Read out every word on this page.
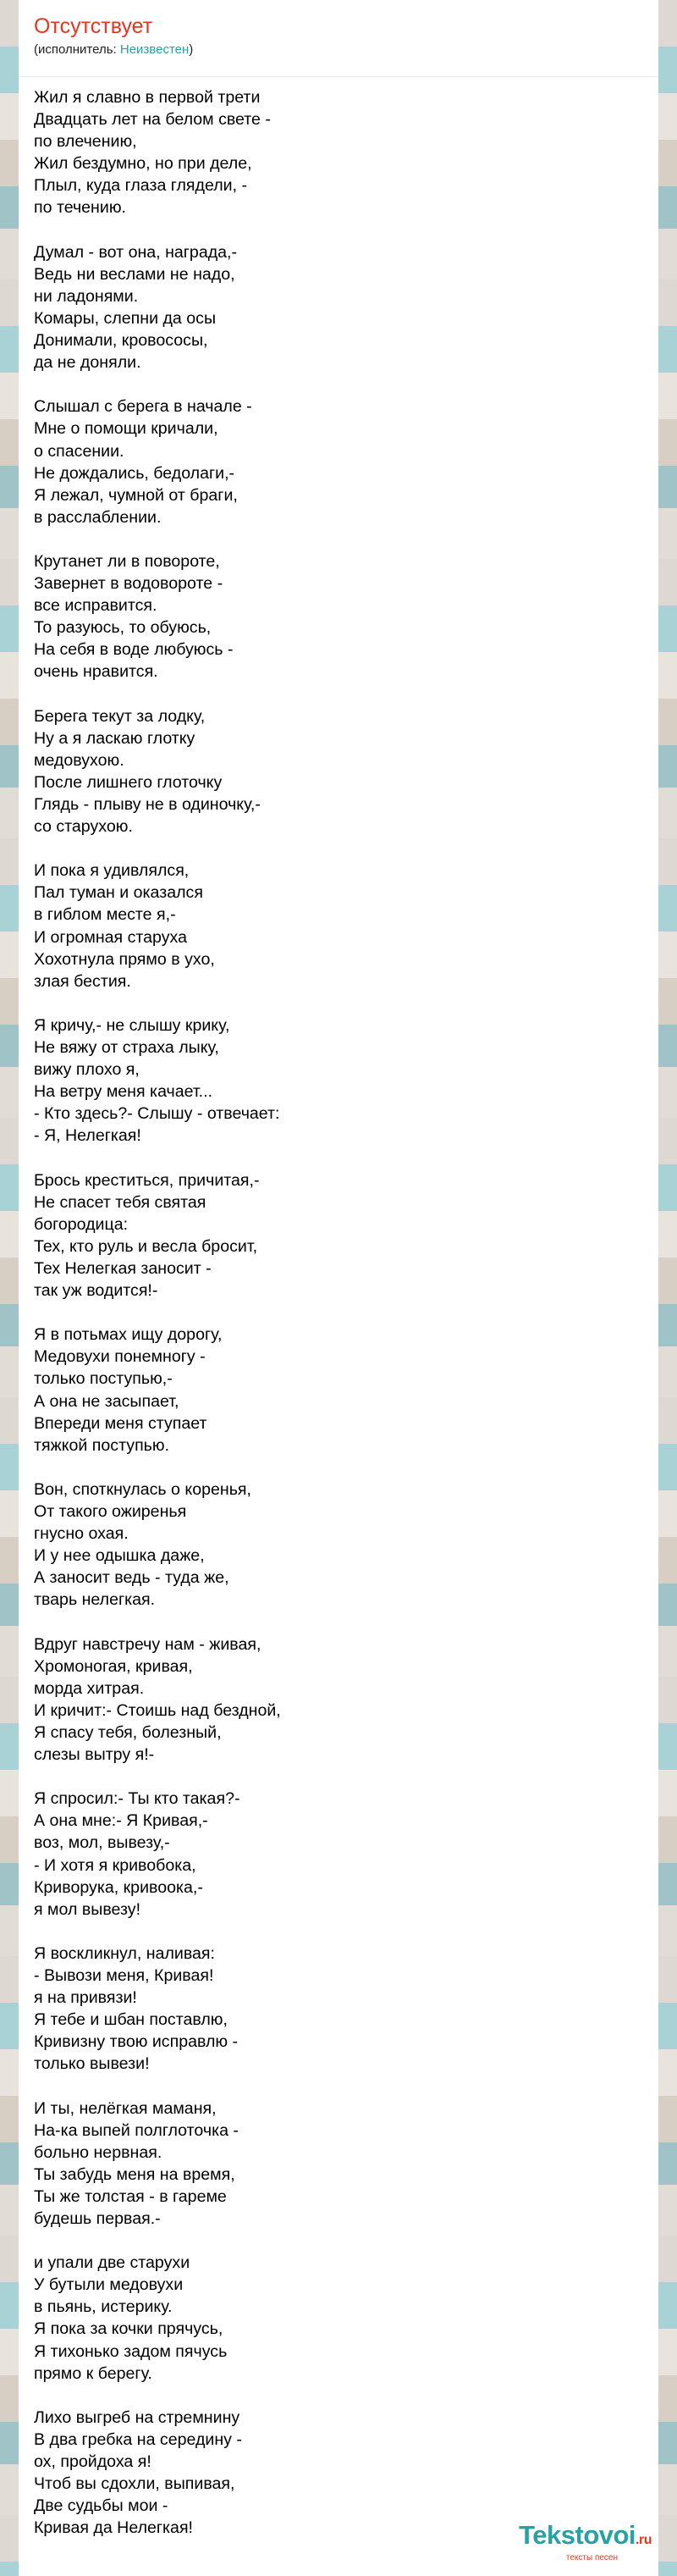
Отсутствует
(исполнитель: Неизвестен)
Жил я славно в первой трети
Двадцать лет на белом свете -
по влечению,
Жил бездумно, но при деле,
Плыл, куда глаза глядели, -
по течению.

Думал - вот она, награда,-
Ведь ни веслами не надо,
ни ладонями.
Комары, слепни да осы
Донимали, кровососы,
да не доняли.

Слышал с берега в начале -
Мне о помощи кричали,
о спасении.
Не дождались, бедолаги,-
Я лежал, чумной от браги,
в расслаблении.

Крутанет ли в повороте,
Завернет в водовороте -
все исправится.
То разуюсь, то обуюсь,
На себя в воде любуюсь -
очень нравится.

Берега текут за лодку,
Ну а я ласкаю глотку
медовухою.
После лишнего глоточку
Глядь - плыву не в одиночку,-
со старухою.

И пока я удивлялся,
Пал туман и оказался
в гиблом месте я,-
И огромная старуха
Хохотнула прямо в ухо,
злая бестия.

Я кричу,- не слышу крику,
Не вяжу от страха лыку,
вижу плохо я,
На ветру меня качает...
- Кто здесь?- Слышу - отвечает:
- Я, Нелегкая!

Брось креститься, причитая,-
Не спасет тебя святая
богородица:
Тех, кто руль и весла бросит,
Тех Нелегкая заносит -
так уж водится!-

Я в потьмах ищу дорогу,
Медовухи понемногу -
только поступью,-
А она не засыпает,
Впереди меня ступает
тяжкой поступью.

Вон, споткнулась о коренья,
От такого ожиренья
гнусно охая.
И у нее одышка даже,
А заносит ведь - туда же,
тварь нелегкая.

Вдруг навстречу нам - живая,
Хромоногая, кривая,
морда хитрая.
И кричит:- Стоишь над бездной,
Я спасу тебя, болезный,
слезы вытру я!-

Я спросил:- Ты кто такая?-
А она мне:- Я Кривая,-
воз, мол, вывезу,-
- И хотя я кривобока,
Криворука, кривоока,-
я мол вывезу!

Я воскликнул, наливая:
- Вывози меня, Кривая!
я на привязи!
Я тебе и шбан поставлю,
Кривизну твою исправлю -
только вывези!

И ты, нелёгкая маманя,
На-ка выпей полглоточка -
больно нервная.
Ты забудь меня на время,
Ты же толстая - в гареме
будешь первая.-

и упали две старухи
У бутыли медовухи
в пьянь, истерику.
Я пока за кочки прячусь,
Я тихонько задом пячусь
прямо к берегу.

Лихо выгреб на стремнину
В два гребка на середину -
ох, пройдоха я!
Чтоб вы сдохли, выпивая,
Две судьбы мои -
Кривая да Нелегкая!	Tekstovoi.ru
тексты песен
